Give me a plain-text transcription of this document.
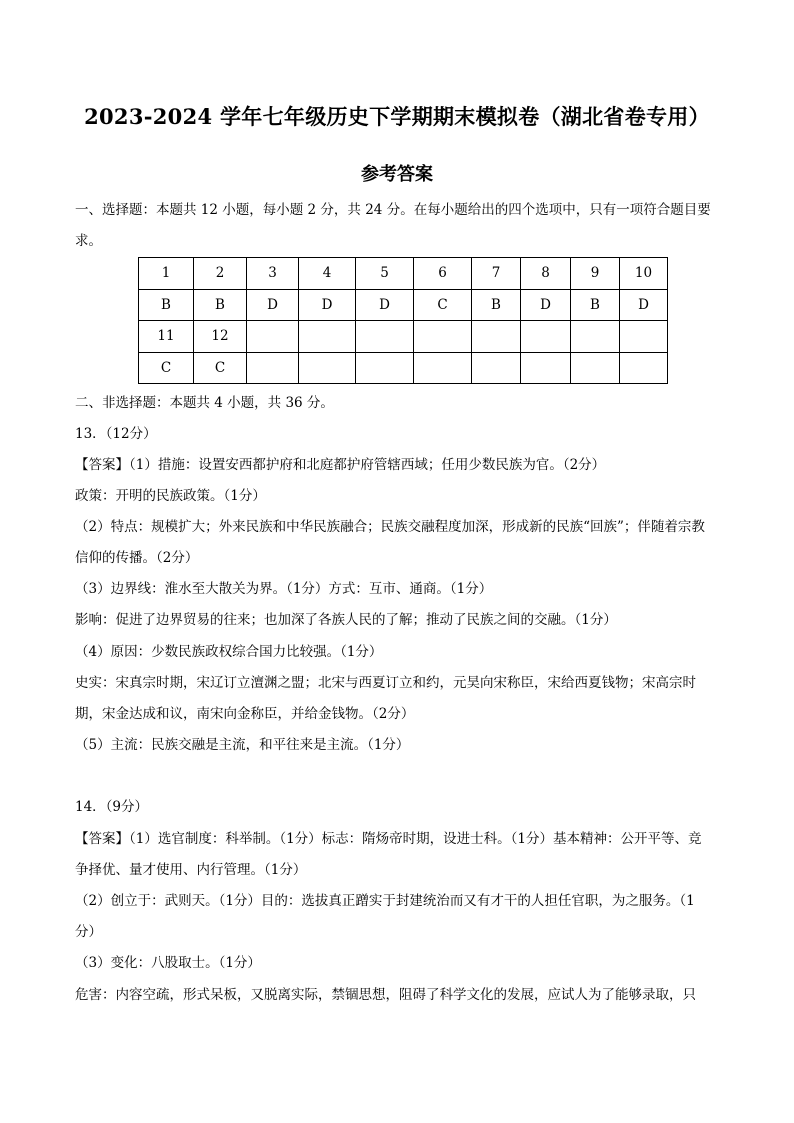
2023-2024 学年七年级历史下学期期末模拟卷（湖北省卷专用）
参考答案
一、选择题：本题共 12 小题，每小题 2 分，共 24 分。在每小题给出的四个选项中，只有一项符合题目要
求。
1	2	3	4	5	6	7	8	9	10
B	B	D	D	D	C	B	D	B	D
11	12								
C	C								
二、非选择题：本题共 4 小题，共 36 分。
13．（12分）
【答案】（1）措施：设置安西都护府和北庭都护府管辖西域；任用少数民族为官。（2分）
政策：开明的民族政策。（1分）
（2）特点：规模扩大；外来民族和中华民族融合；民族交融程度加深，形成新的民族“回族”；伴随着宗教
信仰的传播。（2分）
（3）边界线：淮水至大散关为界。（1分）方式：互市、通商。（1分）
影响：促进了边界贸易的往来；也加深了各族人民的了解；推动了民族之间的交融。（1分）
（4）原因：少数民族政权综合国力比较强。（1分）
史实：宋真宗时期，宋辽订立澶渊之盟；北宋与西夏订立和约，元昊向宋称臣，宋给西夏钱物；宋高宗时
期，宋金达成和议，南宋向金称臣，并给金钱物。（2分）
（5）主流：民族交融是主流，和平往来是主流。（1分）
14．（9分）
【答案】（1）选官制度：科举制。（1分）标志：隋炀帝时期，设进士科。（1分）基本精神：公开平等、竞
争择优、量才使用、内行管理。（1分）
（2）创立于：武则天。（1分）目的：选拔真正蹭实于封建统治而又有才干的人担任官职，为之服务。（1
分）
（3）变化：八股取士。（1分）
危害：内容空疏，形式呆板，又脱离实际，禁锢思想，阻碍了科学文化的发展，应试人为了能够录取，只
